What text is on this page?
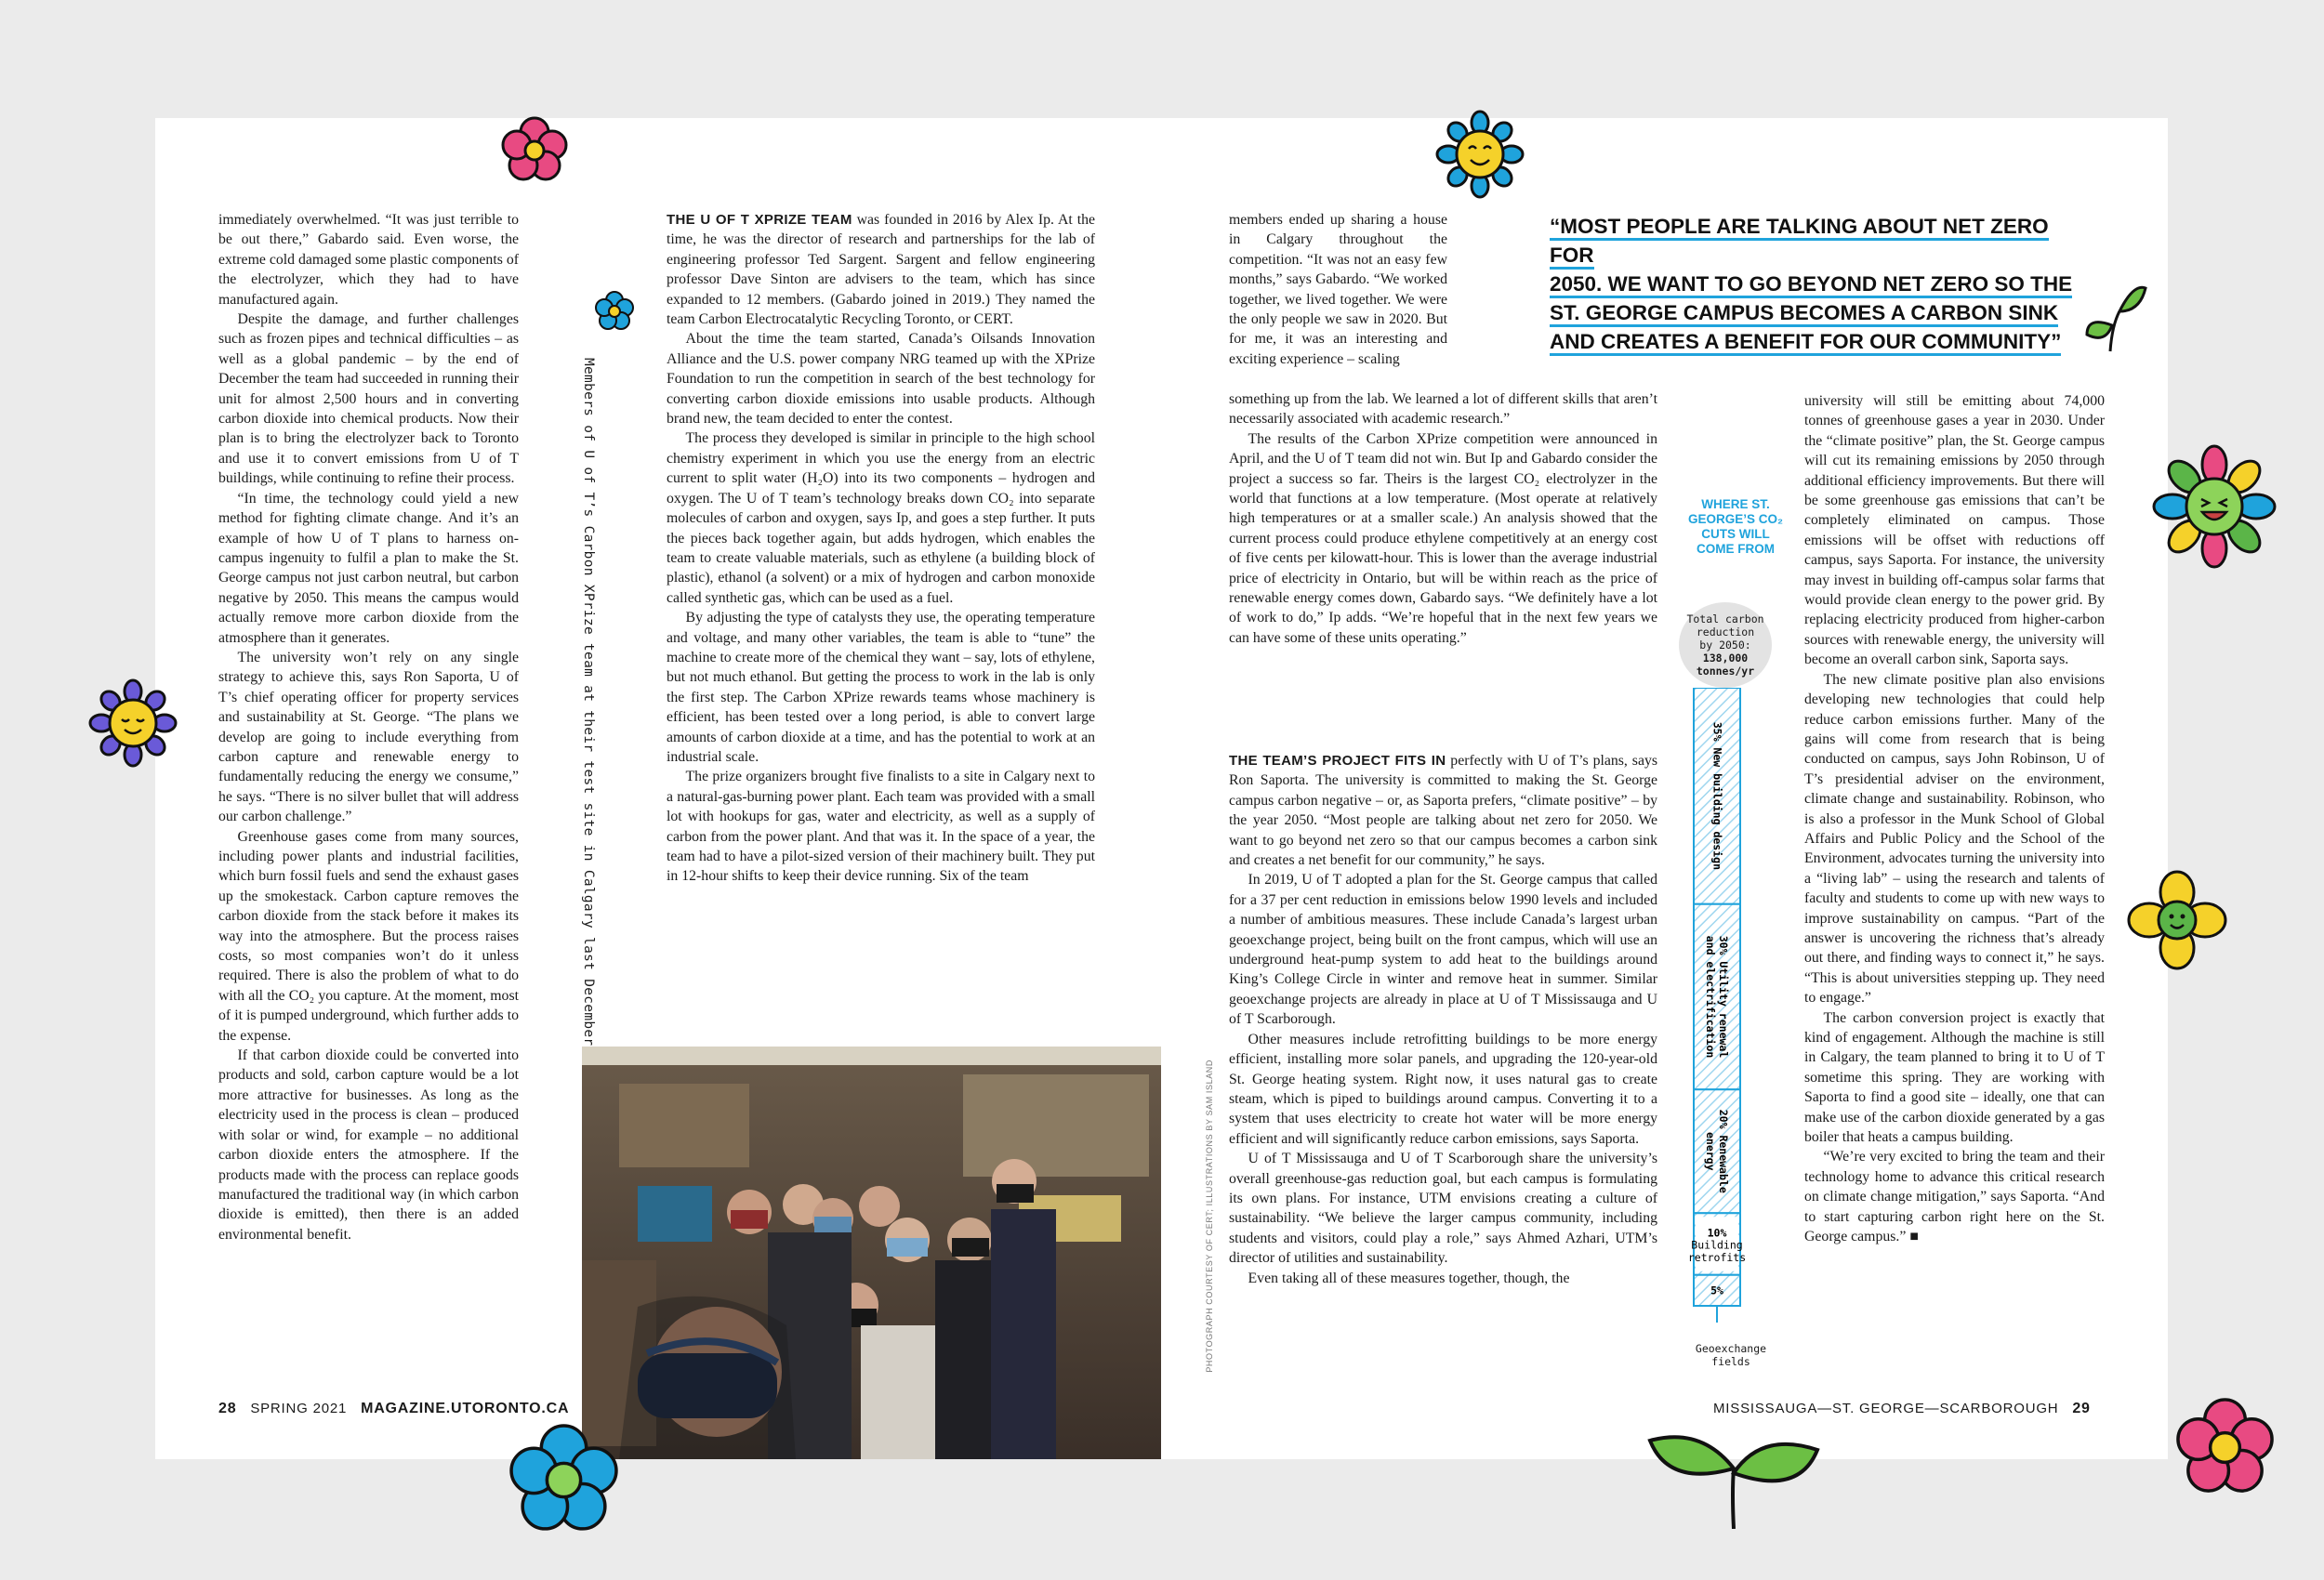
immediately overwhelmed. “It was just terrible to be out there,” Gabardo said. Even worse, the extreme cold damaged some plastic components of the electrolyzer, which they had to have manufactured again.

Despite the damage, and further challenges such as frozen pipes and technical difficulties – as well as a global pandemic – by the end of December the team had succeeded in running their unit for almost 2,500 hours and in converting carbon dioxide into chemical products. Now their plan is to bring the electrolyzer back to Toronto and use it to convert emissions from U of T buildings, while continuing to refine their process.

“In time, the technology could yield a new method for fighting climate change. And it’s an example of how U of T plans to harness on-campus ingenuity to fulfil a plan to make the St. George campus not just carbon neutral, but carbon negative by 2050. This means the campus would actually remove more carbon dioxide from the atmosphere than it generates.

The university won’t rely on any single strategy to achieve this, says Ron Saporta, U of T’s chief operating officer for property services and sustainability at St. George. “The plans we develop are going to include everything from carbon capture and renewable energy to fundamentally reducing the energy we consume,” he says. “There is no silver bullet that will address our carbon challenge.”

Greenhouse gases come from many sources, including power plants and industrial facilities, which burn fossil fuels and send the exhaust gases up the smokestack. Carbon capture removes the carbon dioxide from the stack before it makes its way into the atmosphere. But the process raises costs, so most companies won’t do it unless required. There is also the problem of what to do with all the CO₂ you capture. At the moment, most of it is pumped underground, which further adds to the expense.

If that carbon dioxide could be converted into products and sold, carbon capture would be a lot more attractive for businesses. As long as the electricity used in the process is clean – produced with solar or wind, for example – no additional carbon dioxide enters the atmosphere. If the products made with the process can replace goods manufactured the traditional way (in which carbon dioxide is emitted), then there is an added environmental benefit.

Members of U of T’s Carbon XPrize team at their test site in Calgary last December

THE U OF T XPRIZE TEAM was founded in 2016 by Alex Ip. At the time, he was the director of research and partnerships for the lab of engineering professor Ted Sargent. Sargent and fellow engineering professor Dave Sinton are advisers to the team, which has since expanded to 12 members. (Gabardo joined in 2019.) They named the team Carbon Electrocatalytic Recycling Toronto, or CERT.

About the time the team started, Canada’s Oilsands Innovation Alliance and the U.S. power company NRG teamed up with the XPrize Foundation to run the competition in search of the best technology for converting carbon dioxide emissions into usable products. Although brand new, the team decided to enter the contest.

The process they developed is similar in principle to the high school chemistry experiment in which you use the energy from an electric current to split water (H₂O) into its two components – hydrogen and oxygen. The U of T team’s technology breaks down CO₂ into separate molecules of carbon and oxygen, says Ip, and goes a step further. It puts the pieces back together again, but adds hydrogen, which enables the team to create valuable materials, such as ethylene (a building block of plastic), ethanol (a solvent) or a mix of hydrogen and carbon monoxide called synthetic gas, which can be used as a fuel.

By adjusting the type of catalysts they use, the operating temperature and voltage, and many other variables, the team is able to “tune” the machine to create more of the chemical they want – say, lots of ethylene, but not much ethanol. But getting the process to work in the lab is only the first step. The Carbon XPrize rewards teams whose machinery is efficient, has been tested over a long period, is able to convert large amounts of carbon dioxide at a time, and has the potential to work at an industrial scale.

The prize organizers brought five finalists to a site in Calgary next to a natural-gas-burning power plant. Each team was provided with a small lot with hookups for gas, water and electricity, as well as a supply of carbon from the power plant. And that was it. In the space of a year, the team had to have a pilot-sized version of their machinery built. They put in 12-hour shifts to keep their device running. Six of the team

PHOTOGRAPH COURTESY OF CERT; ILLUSTRATIONS BY SAM ISLAND

members ended up sharing a house in Calgary throughout the competition. “It was not an easy few months,” says Gabardo. “We worked together, we lived together. We were the only people we saw in 2020. But for me, it was an interesting and exciting experience – scaling

something up from the lab. We learned a lot of different skills that aren’t necessarily associated with academic research.”

The results of the Carbon XPrize competition were announced in April, and the U of T team did not win. But Ip and Gabardo consider the project a success so far. Theirs is the largest CO₂ electrolyzer in the world that functions at a low temperature. (Most operate at relatively high temperatures or at a smaller scale.) An analysis showed that the current process could produce ethylene competitively at an energy cost of five cents per kilowatt-hour. This is lower than the average industrial price of electricity in Ontario, but will be within reach as the price of renewable energy comes down, Gabardo says. “We definitely have a lot of work to do,” Ip adds. “We’re hopeful that in the next few years we can have some of these units operating.”

THE TEAM’S PROJECT FITS IN perfectly with U of T’s plans, says Ron Saporta. The university is committed to making the St. George campus carbon negative – or, as Saporta prefers, “climate positive” – by the year 2050. “Most people are talking about net zero for 2050. We want to go beyond net zero so that our campus becomes a carbon sink and creates a net benefit for our community,” he says.

In 2019, U of T adopted a plan for the St. George campus that called for a 37 per cent reduction in emissions below 1990 levels and included a number of ambitious measures. These include Canada’s largest urban geoexchange project, being built on the front campus, which will use an underground heat-pump system to add heat to the buildings around King’s College Circle in winter and remove heat in summer. Similar geoexchange projects are already in place at U of T Mississauga and U of T Scarborough.

Other measures include retrofitting buildings to be more energy efficient, installing more solar panels, and upgrading the 120-year-old St. George heating system. Right now, it uses natural gas to create steam, which is piped to buildings around campus. Converting it to a system that uses electricity to create hot water will be more energy efficient and will significantly reduce carbon emissions, says Saporta.

U of T Mississauga and U of T Scarborough share the university’s overall greenhouse-gas reduction goal, but each campus is formulating its own plans. For instance, UTM envisions creating a culture of sustainability. “We believe the larger campus community, including students and visitors, could play a role,” says Ahmed Azhari, UTM’s director of utilities and sustainability.

Even taking all of these measures together, though, the

“MOST PEOPLE ARE TALKING ABOUT NET ZERO FOR
2050. WE WANT TO GO BEYOND NET ZERO SO THE
ST. GEORGE CAMPUS BECOMES A CARBON SINK
AND CREATES A BENEFIT FOR OUR COMMUNITY”
WHERE ST. GEORGE’S CO₂ CUTS WILL COME FROM
Total carbon
reduction
by 2050:
138,000
tonnes/yr
35% New building design
30% Utility renewaland electrification
20% Renewableenergy
10% Building retrofits
5%
Geoexchange
fields

university will still be emitting about 74,000 tonnes of greenhouse gases a year in 2030. Under the “climate positive” plan, the St. George campus will cut its remaining emissions by 2050 through additional efficiency improvements. But there will be some greenhouse gas emissions that can’t be completely eliminated on campus. Those emissions will be offset with reductions off campus, says Saporta. For instance, the university may invest in building off-campus solar farms that would provide clean energy to the power grid. By replacing electricity produced from higher-carbon sources with renewable energy, the university will become an overall carbon sink, Saporta says.

The new climate positive plan also envisions developing new technologies that could help reduce carbon emissions further. Many of the gains will come from research that is being conducted on campus, says John Robinson, U of T’s presidential adviser on the environment, climate change and sustainability. Robinson, who is also a professor in the Munk School of Global Affairs and Public Policy and the School of the Environment, advocates turning the university into a “living lab” – using the research and talents of faculty and students to come up with new ways to improve sustainability on campus. “Part of the answer is uncovering the richness that’s already out there, and finding ways to connect it,” he says. “This is about universities stepping up. They need to engage.”

The carbon conversion project is exactly that kind of engagement. Although the machine is still in Calgary, the team planned to bring it to U of T sometime this spring. They are working with Saporta to find a good site – ideally, one that can make use of the carbon dioxide generated by a gas boiler that heats a campus building.

“We’re very excited to bring the team and their technology home to advance this critical research on climate change mitigation,” says Saporta. “And to start capturing carbon right here on the St. George campus.” ■

28 SPRING 2021 MAGAZINE.UTORONTO.CA	MISSISSAUGA—ST. GEORGE—SCARBOROUGH 29
